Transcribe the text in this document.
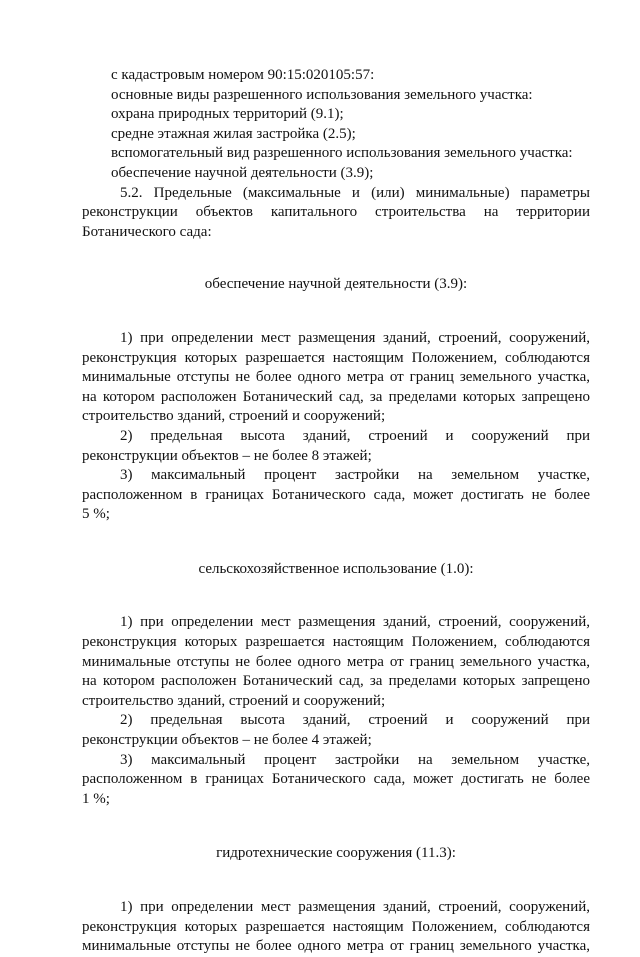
с кадастровым номером 90:15:020105:57:
основные виды разрешенного использования земельного участка:
охрана природных территорий (9.1);
средне этажная жилая застройка (2.5);
вспомогательный вид разрешенного использования земельного участка:
обеспечение научной деятельности (3.9);
5.2. Предельные (максимальные и (или) минимальные) параметры
реконструкции объектов капитального строительства на территории
Ботанического сада:
обеспечение научной деятельности (3.9):
1) при определении мест размещения зданий, строений, сооружений,
реконструкция которых разрешается настоящим Положением, соблюдаются
минимальные отступы не более одного метра от границ земельного участка,
на котором расположен Ботанический сад, за пределами которых запрещено
строительство зданий, строений и сооружений;
2) предельная высота зданий, строений и сооружений при
реконструкции объектов – не более 8 этажей;
3) максимальный процент застройки на земельном участке,
расположенном в границах Ботанического сада, может достигать не более
5 %;
сельскохозяйственное использование (1.0):
1) при определении мест размещения зданий, строений, сооружений,
реконструкция которых разрешается настоящим Положением, соблюдаются
минимальные отступы не более одного метра от границ земельного участка,
на котором расположен Ботанический сад, за пределами которых запрещено
строительство зданий, строений и сооружений;
2) предельная высота зданий, строений и сооружений при
реконструкции объектов – не более 4 этажей;
3) максимальный процент застройки на земельном участке,
расположенном в границах Ботанического сада, может достигать не более
1 %;
гидротехнические сооружения (11.3):
1) при определении мест размещения зданий, строений, сооружений,
реконструкция которых разрешается настоящим Положением, соблюдаются
минимальные отступы не более одного метра от границ земельного участка,
